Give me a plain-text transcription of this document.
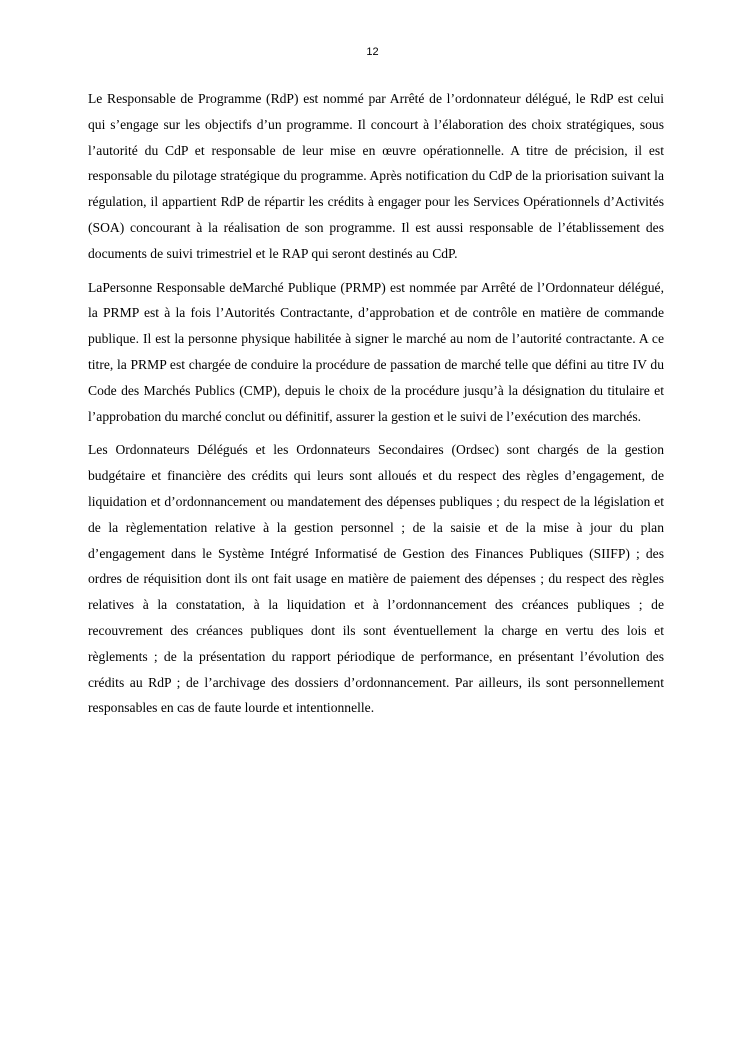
12

Le Responsable de Programme (RdP) est nommé par Arrêté de l’ordonnateur délégué, le RdP est celui qui s’engage sur les objectifs d’un programme. Il concourt à l’élaboration des choix stratégiques, sous l’autorité du CdP et responsable de leur mise en œuvre opérationnelle. A titre de précision, il est responsable du pilotage stratégique du programme. Après notification du CdP de la priorisation suivant la régulation, il appartient RdP de répartir les crédits à engager pour les Services Opérationnels d’Activités (SOA) concourant à la réalisation de son programme. Il est aussi responsable de l’établissement des documents de suivi trimestriel et le RAP qui seront destinés au CdP.

LaPersonne Responsable deMarché Publique (PRMP) est nommée par Arrêté de l’Ordonnateur délégué, la PRMP est à la fois l’Autorités Contractante, d’approbation et de contrôle en matière de commande publique. Il est la personne physique habilitée à signer le marché au nom de l’autorité contractante. A ce titre, la PRMP est chargée de conduire la procédure de passation de marché telle que défini au titre IV du Code des Marchés Publics (CMP), depuis le choix de la procédure jusqu’à la désignation du titulaire et l’approbation du marché conclut ou définitif, assurer la gestion et le suivi de l’exécution des marchés.

Les Ordonnateurs Délégués et les Ordonnateurs Secondaires (Ordsec) sont chargés de la gestion budgétaire et financière des crédits qui leurs sont alloués et du respect des règles d’engagement, de liquidation et d’ordonnancement ou mandatement des dépenses publiques ; du respect de la législation et de la règlementation relative à la gestion personnel ; de la saisie et de la mise à jour du plan d’engagement dans le Système Intégré Informatisé de Gestion des Finances Publiques (SIIFP) ; des ordres de réquisition dont ils ont fait usage en matière de paiement des dépenses ; du respect des règles relatives à la constatation, à la liquidation et à l’ordonnancement des créances publiques ; de recouvrement des créances publiques dont ils sont éventuellement la charge en vertu des lois et règlements ; de la présentation du rapport périodique de performance, en présentant l’évolution des crédits au RdP ; de l’archivage des dossiers d’ordonnancement. Par ailleurs, ils sont personnellement responsables en cas de faute lourde et intentionnelle.
